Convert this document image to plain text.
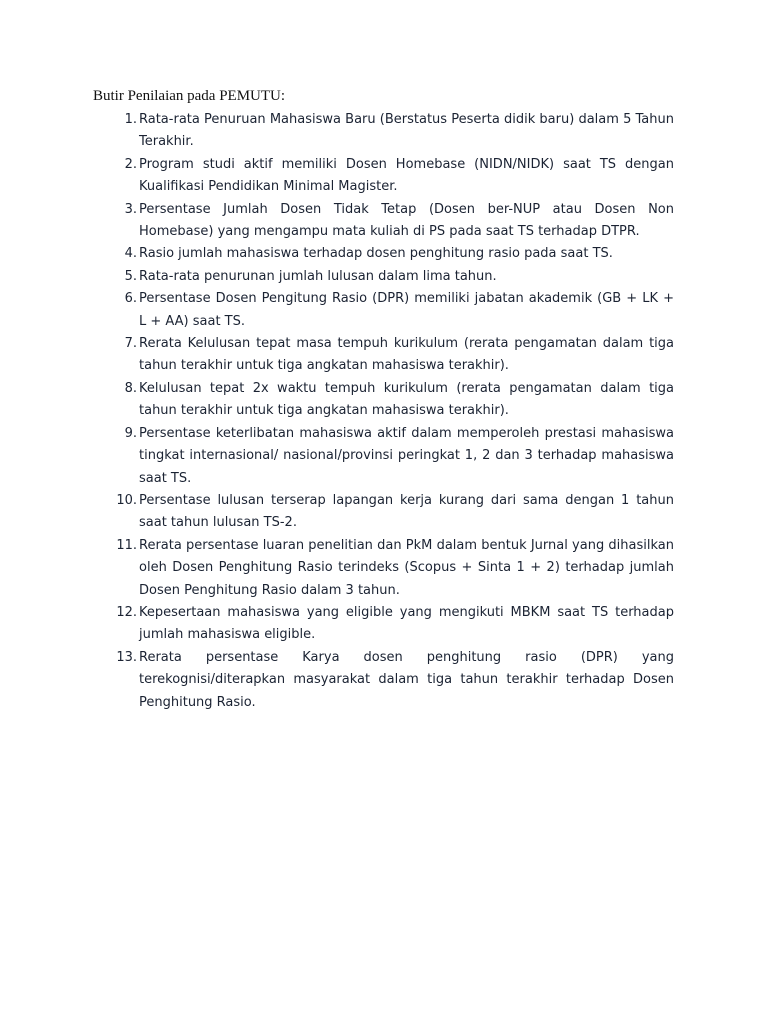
Butir Penilaian pada PEMUTU:
1. Rata-rata Penuruan Mahasiswa Baru (Berstatus Peserta didik baru) dalam 5 Tahun Terakhir.
2. Program studi aktif memiliki Dosen Homebase (NIDN/NIDK) saat TS dengan Kualifikasi Pendidikan Minimal Magister.
3. Persentase Jumlah Dosen Tidak Tetap (Dosen ber-NUP atau Dosen Non Homebase) yang mengampu mata kuliah di PS pada saat TS terhadap DTPR.
4. Rasio jumlah mahasiswa terhadap dosen penghitung rasio pada saat TS.
5. Rata-rata penurunan jumlah lulusan dalam lima tahun.
6. Persentase Dosen Pengitung Rasio (DPR) memiliki jabatan akademik (GB + LK + L + AA) saat TS.
7. Rerata Kelulusan tepat masa tempuh kurikulum (rerata pengamatan dalam tiga tahun terakhir untuk tiga angkatan mahasiswa terakhir).
8. Kelulusan tepat 2x waktu tempuh kurikulum (rerata pengamatan dalam tiga tahun terakhir untuk tiga angkatan mahasiswa terakhir).
9. Persentase keterlibatan mahasiswa aktif dalam memperoleh prestasi mahasiswa tingkat internasional/ nasional/provinsi peringkat 1, 2 dan 3 terhadap mahasiswa saat TS.
10. Persentase lulusan terserap lapangan kerja kurang dari sama dengan 1 tahun saat tahun lulusan TS-2.
11. Rerata persentase luaran penelitian dan PkM dalam bentuk Jurnal yang dihasilkan oleh Dosen Penghitung Rasio terindeks (Scopus + Sinta 1 + 2) terhadap jumlah Dosen Penghitung Rasio dalam 3 tahun.
12. Kepesertaan mahasiswa yang eligible yang mengikuti MBKM saat TS terhadap jumlah mahasiswa eligible.
13. Rerata persentase Karya dosen penghitung rasio (DPR) yang terekognisi/diterapkan masyarakat dalam tiga tahun terakhir terhadap Dosen Penghitung Rasio.
